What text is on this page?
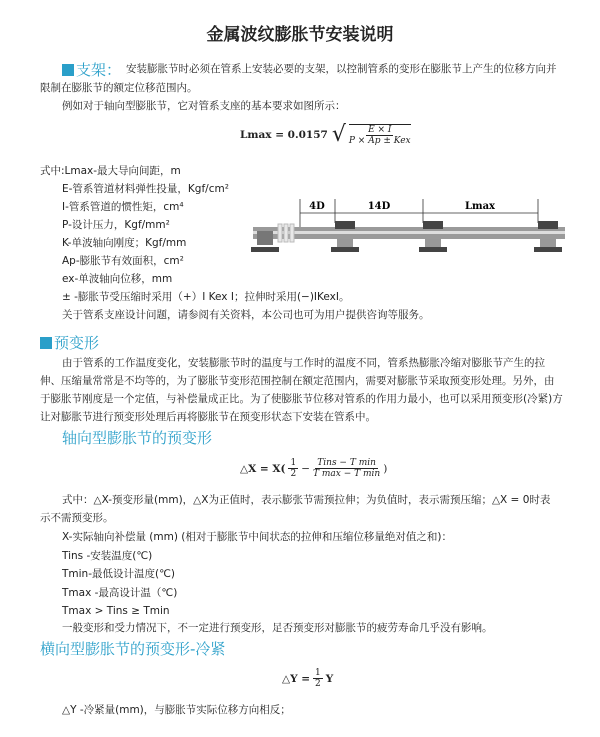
金属波纹膨胀节安装说明
支架： 安装膨胀节时必须在管系上安装必要的支架，以控制管系的变形在膨胀节上产生的位移方向并
限制在膨胀节的额定位移范围内。
例如对于轴向型膨胀节，它对管系支座的基本要求如图所示：
Lmax = 0.0157 √ $\frac{E \times I}{\text{P × Ap ± Kex}}$
式中:Lmax-最大导向间距，m
E-管系管道材料弹性投量，Kgf/cm²
I-管系管道的惯性矩，cm⁴
P-设计压力，Kgf/mm²
K-单波轴向刚度；Kgf/mm
Ap-膨胀节有效面积，cm²
ex-单波轴向位移，mm
± -膨胀节受压缩时采用（+）I Kex I；拉伸时采用(−)IKexI。
关于管系支座设计问题，请参阅有关资料，本公司也可为用户提供咨询等服务。
4D	14D	Lmax
预变形
由于管系的工作温度变化，安装膨胀节时的温度与工作时的温度不同，管系热膨胀冷缩对膨胀节产生的拉
伸、压缩量常常是不均等的，为了膨胀节变形范围控制在额定范围内，需要对膨胀节采取预变形处理。另外，由
于膨胀节刚度是一个定值，与补偿量成正比。为了使膨胀节位移对管系的作用力最小，也可以采用预变形(冷紧)方
让对膨胀节进行预变形处理后再将膨胀节在预变形状态下安装在管系中。
轴向型膨胀节的预变形
△X = $X( \frac{1}{2} - \frac{\text{Tins − T min}}{\text{T max − T min}}$ )
式中：△X-预变形量(mm)，△X为正值时，表示膨张节需预拉伸；为负值时，表示需预压缩；△X = 0时表
示不需预变形。
X-实际轴向补偿量 (mm) (相对于膨胀节中间状态的拉伸和压缩位移量绝对值之和)：
Tins -安装温度(℃)
Tmin-最低设计温度(℃)
Tmax -最高设计温（℃)
Tmax > Tins ≥ Tmin
一般变形和受力情况下，不一定进行预变形，足否预变形对膨胀节的疲劳寿命几乎没有影响。
横向型膨胀节的预变形-冷紧
△Y = $\frac{1}{2}$ Y
△Y -冷紧量(mm)，与膨胀节实际位移方向相反；
